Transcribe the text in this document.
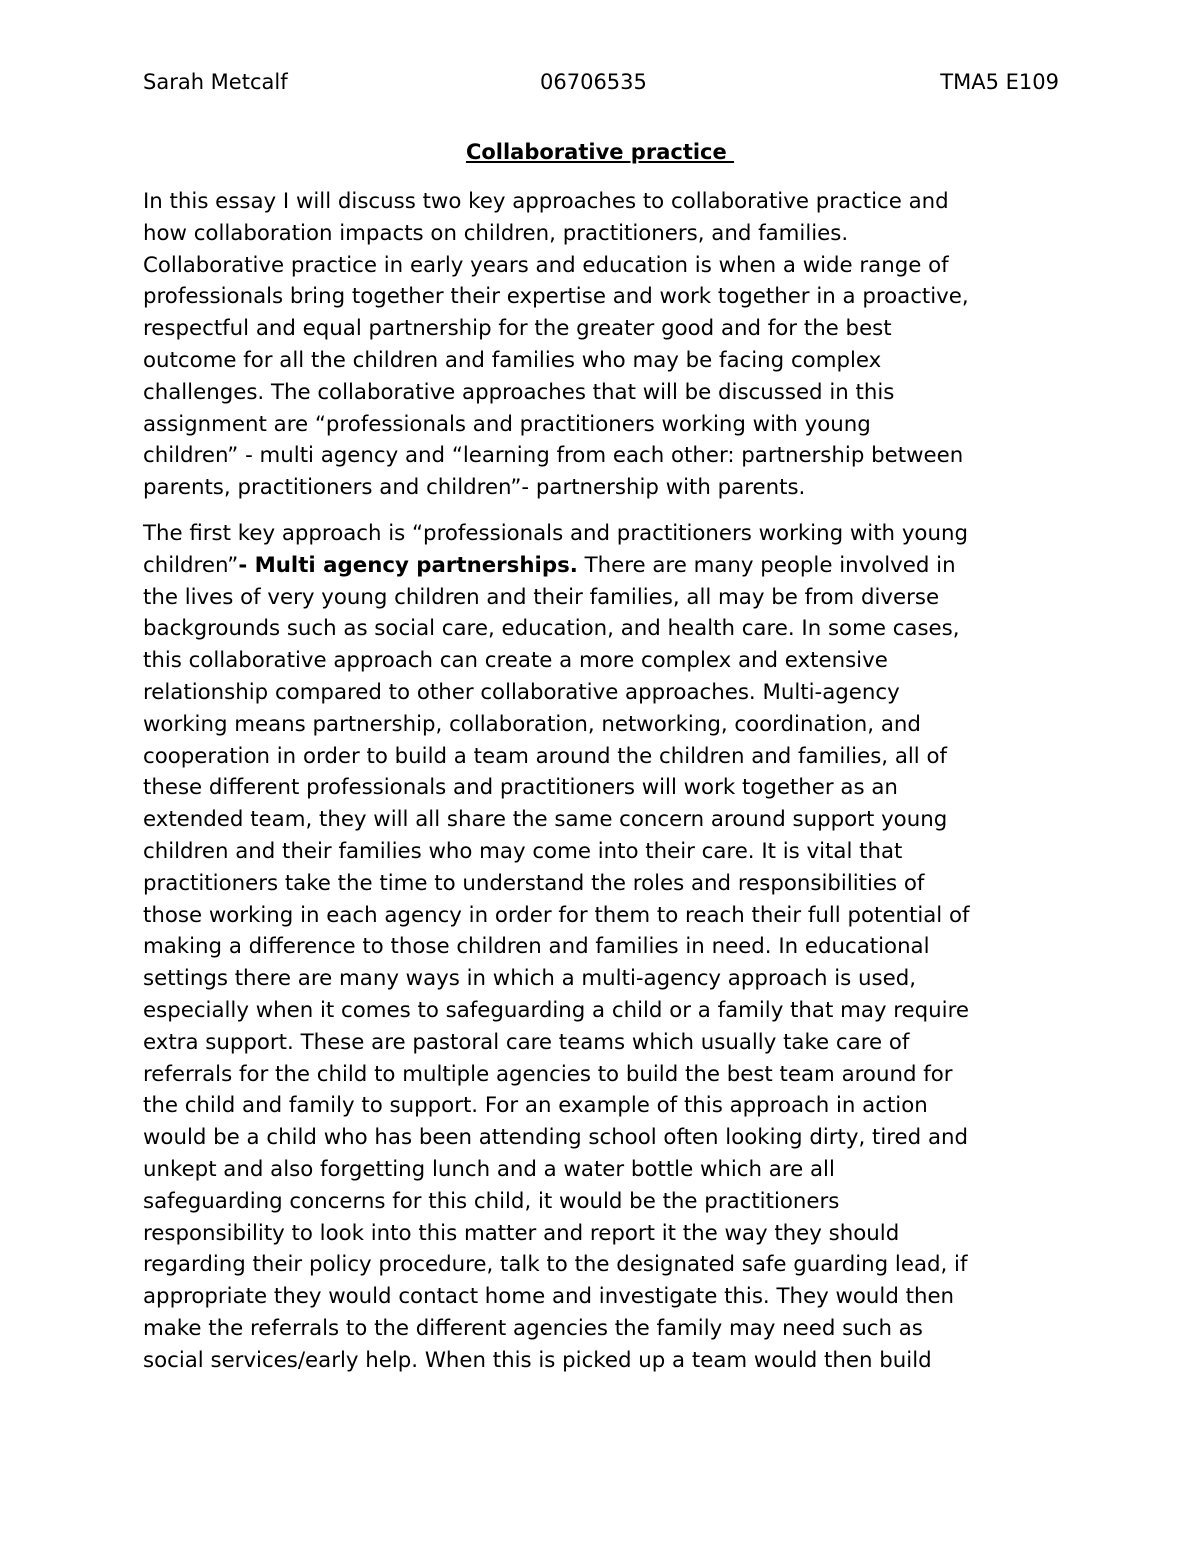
Sarah Metcalf	06706535	TMA5 E109
Collaborative practice
In this essay I will discuss two key approaches to collaborative practice and
how collaboration impacts on children, practitioners, and families.
Collaborative practice in early years and education is when a wide range of
professionals bring together their expertise and work together in a proactive,
respectful and equal partnership for the greater good and for the best
outcome for all the children and families who may be facing complex
challenges. The collaborative approaches that will be discussed in this
assignment are “professionals and practitioners working with young
children” - multi agency and “learning from each other: partnership between
parents, practitioners and children”- partnership with parents.
The first key approach is “professionals and practitioners working with young
children”- Multi agency partnerships. There are many people involved in
the lives of very young children and their families, all may be from diverse
backgrounds such as social care, education, and health care. In some cases,
this collaborative approach can create a more complex and extensive
relationship compared to other collaborative approaches. Multi-agency
working means partnership, collaboration, networking, coordination, and
cooperation in order to build a team around the children and families, all of
these different professionals and practitioners will work together as an
extended team, they will all share the same concern around support young
children and their families who may come into their care. It is vital that
practitioners take the time to understand the roles and responsibilities of
those working in each agency in order for them to reach their full potential of
making a difference to those children and families in need. In educational
settings there are many ways in which a multi-agency approach is used,
especially when it comes to safeguarding a child or a family that may require
extra support. These are pastoral care teams which usually take care of
referrals for the child to multiple agencies to build the best team around for
the child and family to support. For an example of this approach in action
would be a child who has been attending school often looking dirty, tired and
unkept and also forgetting lunch and a water bottle which are all
safeguarding concerns for this child, it would be the practitioners
responsibility to look into this matter and report it the way they should
regarding their policy procedure, talk to the designated safe guarding lead, if
appropriate they would contact home and investigate this. They would then
make the referrals to the different agencies the family may need such as
social services/early help. When this is picked up a team would then build
